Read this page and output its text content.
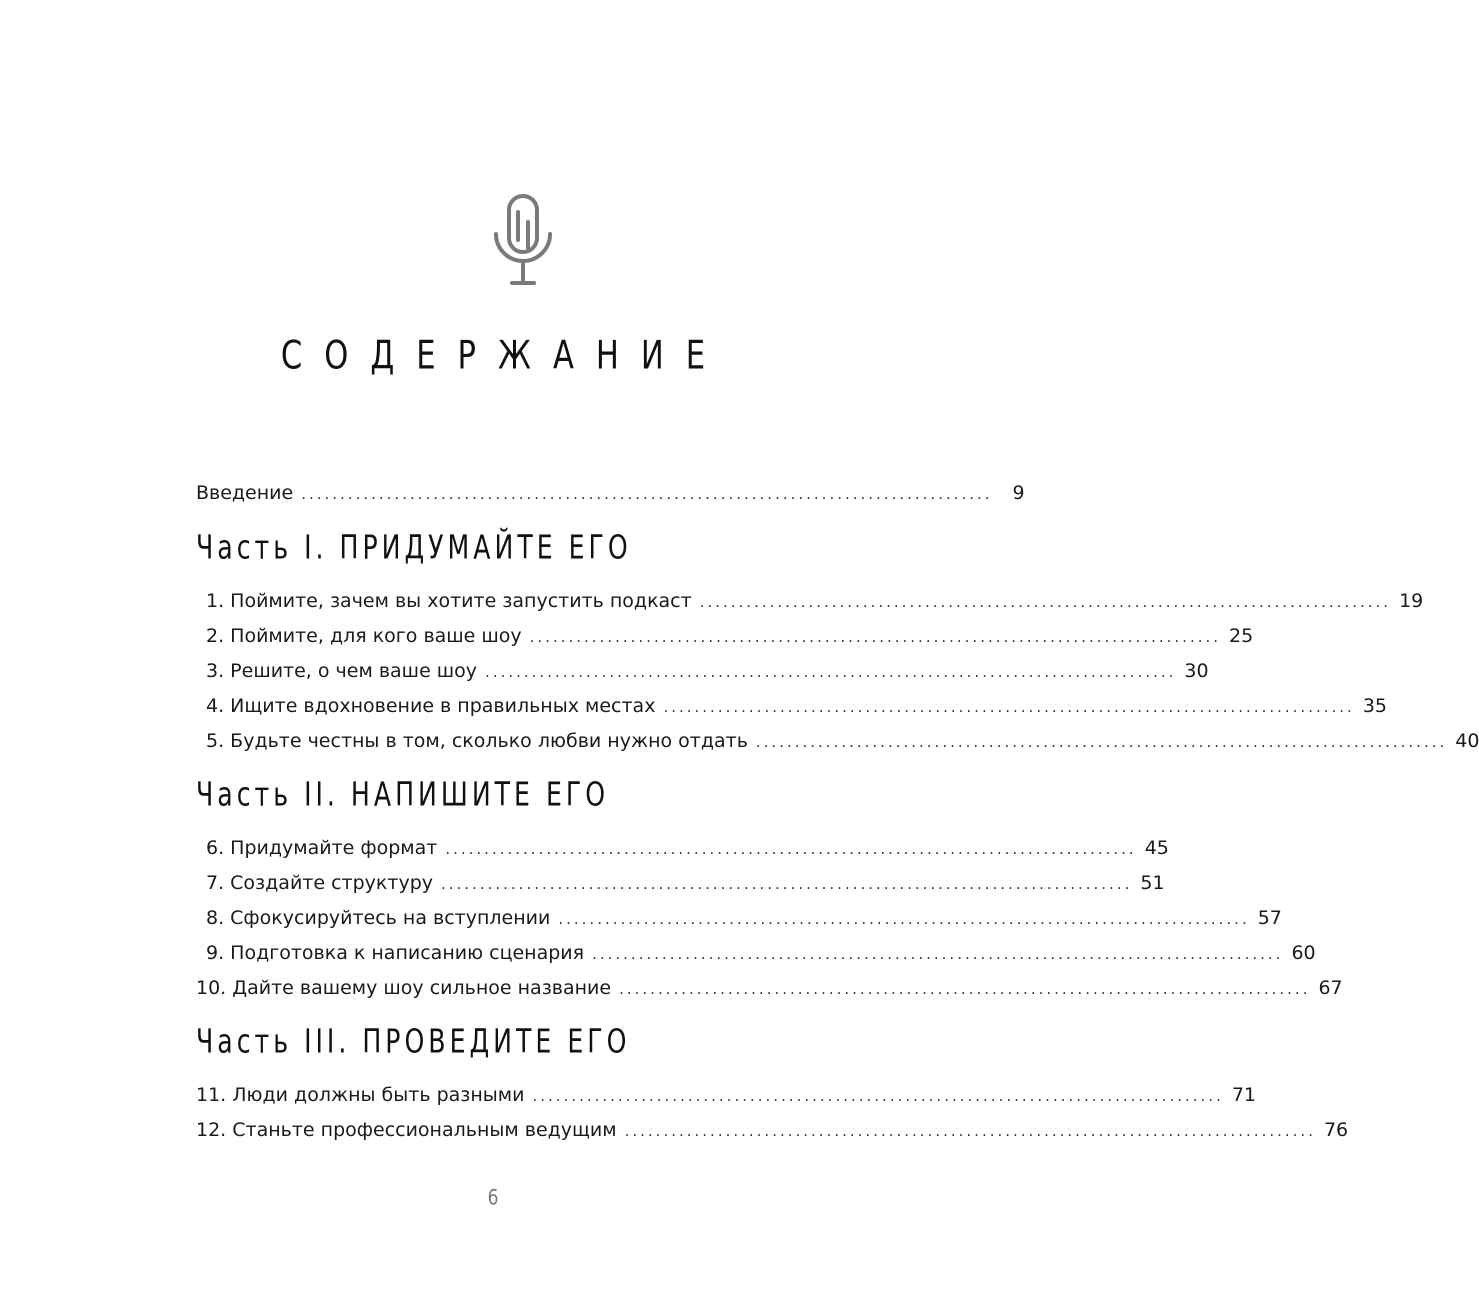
СОДЕРЖАНИЕ
Введение .........................................................................................	9
Часть I. ПРИДУМАЙТЕ ЕГО
1. Поймите, зачем вы хотите запустить подкаст ......................................................................................... 19
2. Поймите, для кого ваше шоу ......................................................................................... 25
3. Решите, о чем ваше шоу ......................................................................................... 30
4. Ищите вдохновение в правильных местах ......................................................................................... 35
5. Будьте честны в том, сколько любви нужно отдать ......................................................................................... 40
Часть II. НАПИШИТЕ ЕГО
6. Придумайте формат ......................................................................................... 45
7. Создайте структуру ......................................................................................... 51
8. Сфокусируйтесь на вступлении ......................................................................................... 57
9. Подготовка к написанию сценария ......................................................................................... 60
10. Дайте вашему шоу сильное название ......................................................................................... 67
Часть III. ПРОВЕДИТЕ ЕГО
11. Люди должны быть разными ......................................................................................... 71
12. Станьте профессиональным ведущим ......................................................................................... 76
6
